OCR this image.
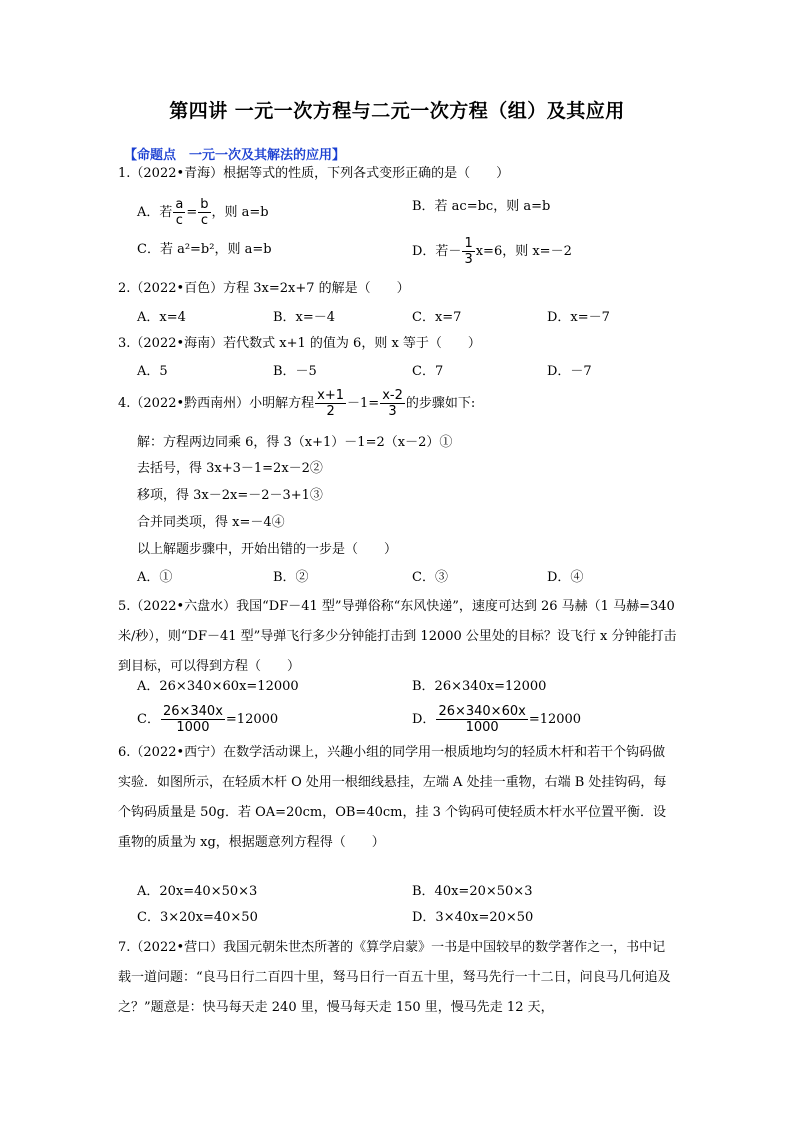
第四讲 一元一次方程与二元一次方程（组）及其应用
【命题点　一元一次及其解法的应用】
1.（2022•青海）根据等式的性质，下列各式变形正确的是（　　）
A．若 $\frac{a}{c} = \frac{b}{c}$ ，则 a=b	B．若 ac=bc，则 a=b
C．若 a²=b²，则 a=b	D．若－ $\frac{1}{3} x=6$，则 x=－2
2.（2022•百色）方程 3x=2x+7 的解是（　　）
A．x=4	B．x=－4	C．x=7	D．x=－7
3.（2022•海南）若代数式 x+1 的值为 6，则 x 等于（　　）
A．5	B．－5	C．7	D．－7
4.（2022•黔西南州）小明解方程 $\frac{x+1}{2} -1= \frac{x-2}{3}$ 的步骤如下:
解：方程两边同乘 6，得 3（x+1）－1=2（x－2）①
去括号，得 3x+3－1=2x－2②
移项，得 3x－2x=－2－3+1③
合并同类项，得 x=－4④
以上解题步骤中，开始出错的一步是（　　）
A．①	B．②	C．③	D．④
5.（2022•六盘水）我国“DF－41 型”导弹俗称“东风快递”，速度可达到 26 马赫（1 马赫=340 米/秒），则“DF－41 型”导弹飞行多少分钟能打击到 12000 公里处的目标？设飞行 x 分钟能打击到目标，可以得到方程（　　）
A．26×340×60x=12000	B．26×340x=12000
C． $\frac{26\times 340x}{1000} =12000$	D． $\frac{26\times 340\times 60x}{1000} =12000$
6.（2022•西宁）在数学活动课上，兴趣小组的同学用一根质地均匀的轻质木杆和若干个钩码做实验．如图所示，在轻质木杆 O 处用一根细线悬挂，左端 A 处挂一重物，右端 B 处挂钩码，每个钩码质量是 50g．若 OA=20cm，OB=40cm，挂 3 个钩码可使轻质木杆水平位置平衡．设重物的质量为 xg，根据题意列方程得（　　）
A．20x=40×50×3	B．40x=20×50×3
C．3×20x=40×50	D．3×40x=20×50
7.（2022•营口）我国元朝朱世杰所著的《算学启蒙》一书是中国较早的数学著作之一，书中记载一道问题：“良马日行二百四十里，驽马日行一百五十里，驽马先行一十二日，问良马几何追及之？”题意是：快马每天走 240 里，慢马每天走 150 里，慢马先走 12 天，
